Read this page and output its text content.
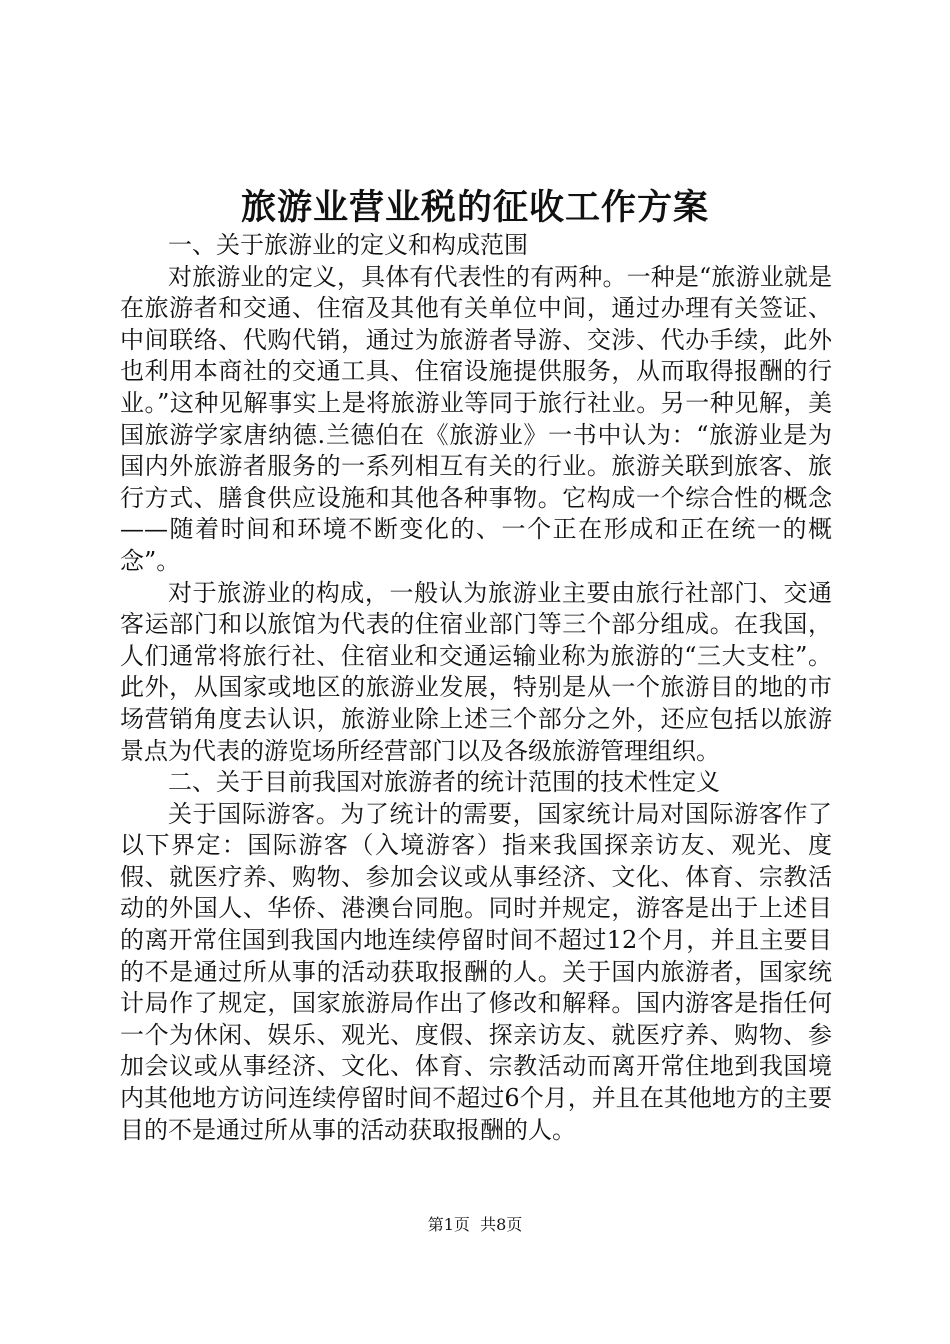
旅游业营业税的征收工作方案

一、关于旅游业的定义和构成范围

对旅游业的定义，具体有代表性的有两种。一种是“旅游业就是在旅游者和交通、住宿及其他有关单位中间，通过办理有关签证、中间联络、代购代销，通过为旅游者导游、交涉、代办手续，此外也利用本商社的交通工具、住宿设施提供服务，从而取得报酬的行业。”这种见解事实上是将旅游业等同于旅行社业。另一种见解，美国旅游学家唐纳德.兰德伯在《旅游业》一书中认为：“旅游业是为国内外旅游者服务的一系列相互有关的行业。旅游关联到旅客、旅行方式、膳食供应设施和其他各种事物。它构成一个综合性的概念——随着时间和环境不断变化的、一个正在形成和正在统一的概念”。

对于旅游业的构成，一般认为旅游业主要由旅行社部门、交通客运部门和以旅馆为代表的住宿业部门等三个部分组成。在我国，人们通常将旅行社、住宿业和交通运输业称为旅游的“三大支柱”。此外，从国家或地区的旅游业发展，特别是从一个旅游目的地的市场营销角度去认识，旅游业除上述三个部分之外，还应包括以旅游景点为代表的游览场所经营部门以及各级旅游管理组织。

二、关于目前我国对旅游者的统计范围的技术性定义

关于国际游客。为了统计的需要，国家统计局对国际游客作了以下界定：国际游客（入境游客）指来我国探亲访友、观光、度假、就医疗养、购物、参加会议或从事经济、文化、体育、宗教活动的外国人、华侨、港澳台同胞。同时并规定，游客是出于上述目的离开常住国到我国内地连续停留时间不超过12个月，并且主要目的不是通过所从事的活动获取报酬的人。关于国内旅游者，国家统计局作了规定，国家旅游局作出了修改和解释。国内游客是指任何一个为休闲、娱乐、观光、度假、探亲访友、就医疗养、购物、参加会议或从事经济、文化、体育、宗教活动而离开常住地到我国境内其他地方访问连续停留时间不超过6个月，并且在其他地方的主要目的不是通过所从事的活动获取报酬的人。

第1页 共8页
